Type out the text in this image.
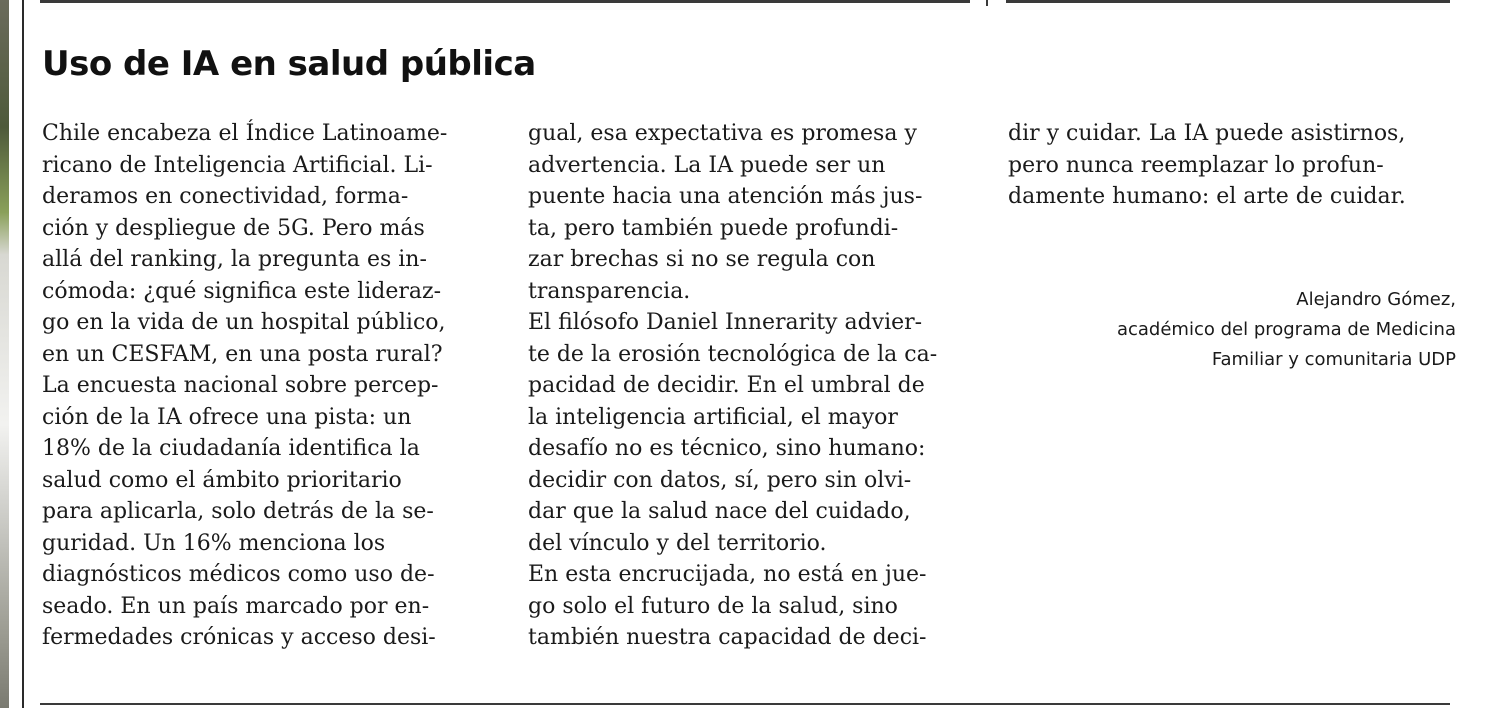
Uso de IA en salud pública
Chile encabeza el Índice Latinoame-
ricano de Inteligencia Artificial. Li-
deramos en conectividad, forma-
ción y despliegue de 5G. Pero más
allá del ranking, la pregunta es in-
cómoda: ¿qué significa este lideraz-
go en la vida de un hospital público,
en un CESFAM, en una posta rural?
La encuesta nacional sobre percep-
ción de la IA ofrece una pista: un
18% de la ciudadanía identifica la
salud como el ámbito prioritario
para aplicarla, solo detrás de la se-
guridad. Un 16% menciona los
diagnósticos médicos como uso de-
seado. En un país marcado por en-
fermedades crónicas y acceso desi-
gual, esa expectativa es promesa y
advertencia. La IA puede ser un
puente hacia una atención más jus-
ta, pero también puede profundi-
zar brechas si no se regula con
transparencia.
El filósofo Daniel Innerarity advier-
te de la erosión tecnológica de la ca-
pacidad de decidir. En el umbral de
la inteligencia artificial, el mayor
desafío no es técnico, sino humano:
decidir con datos, sí, pero sin olvi-
dar que la salud nace del cuidado,
del vínculo y del territorio.
En esta encrucijada, no está en jue-
go solo el futuro de la salud, sino
también nuestra capacidad de deci-
dir y cuidar. La IA puede asistirnos,
pero nunca reemplazar lo profun-
damente humano: el arte de cuidar.
Alejandro Gómez,
académico del programa de Medicina
Familiar y comunitaria UDP
